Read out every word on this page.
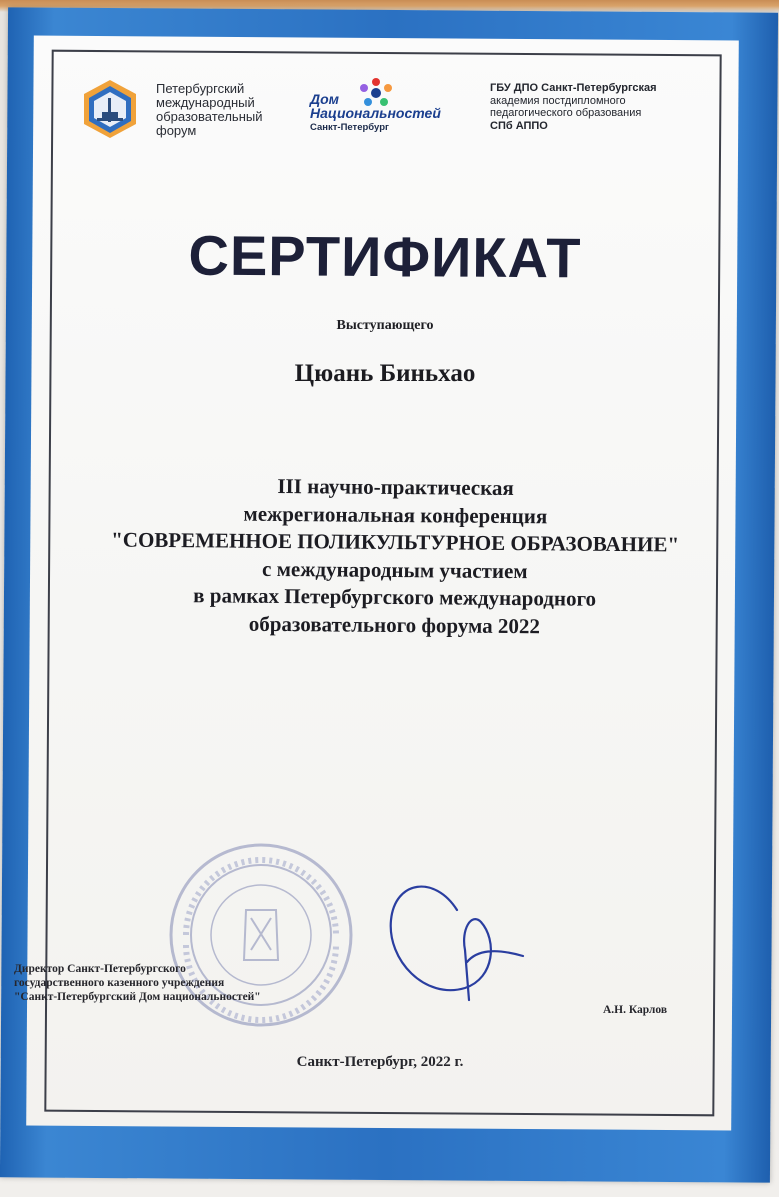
Петербургский
международный
образовательный
форум
Дом
Национальностей
Санкт-Петербург
ГБУ ДПО Санкт-Петербургская
академия постдипломного
педагогического образования
СПб АППО
СЕРТИФИКАТ
Выступающего
Цюань Биньхао
III научно-практическая
межрегиональная конференция
"СОВРЕМЕННОЕ ПОЛИКУЛЬТУРНОЕ ОБРАЗОВАНИЕ"
с международным участием
в рамках Петербургского международного
образовательного форума 2022
Директор Санкт-Петербургского
государственного казенного учреждения
"Санкт-Петербургский Дом национальностей"
А.Н. Карлов
Санкт-Петербург, 2022 г.
